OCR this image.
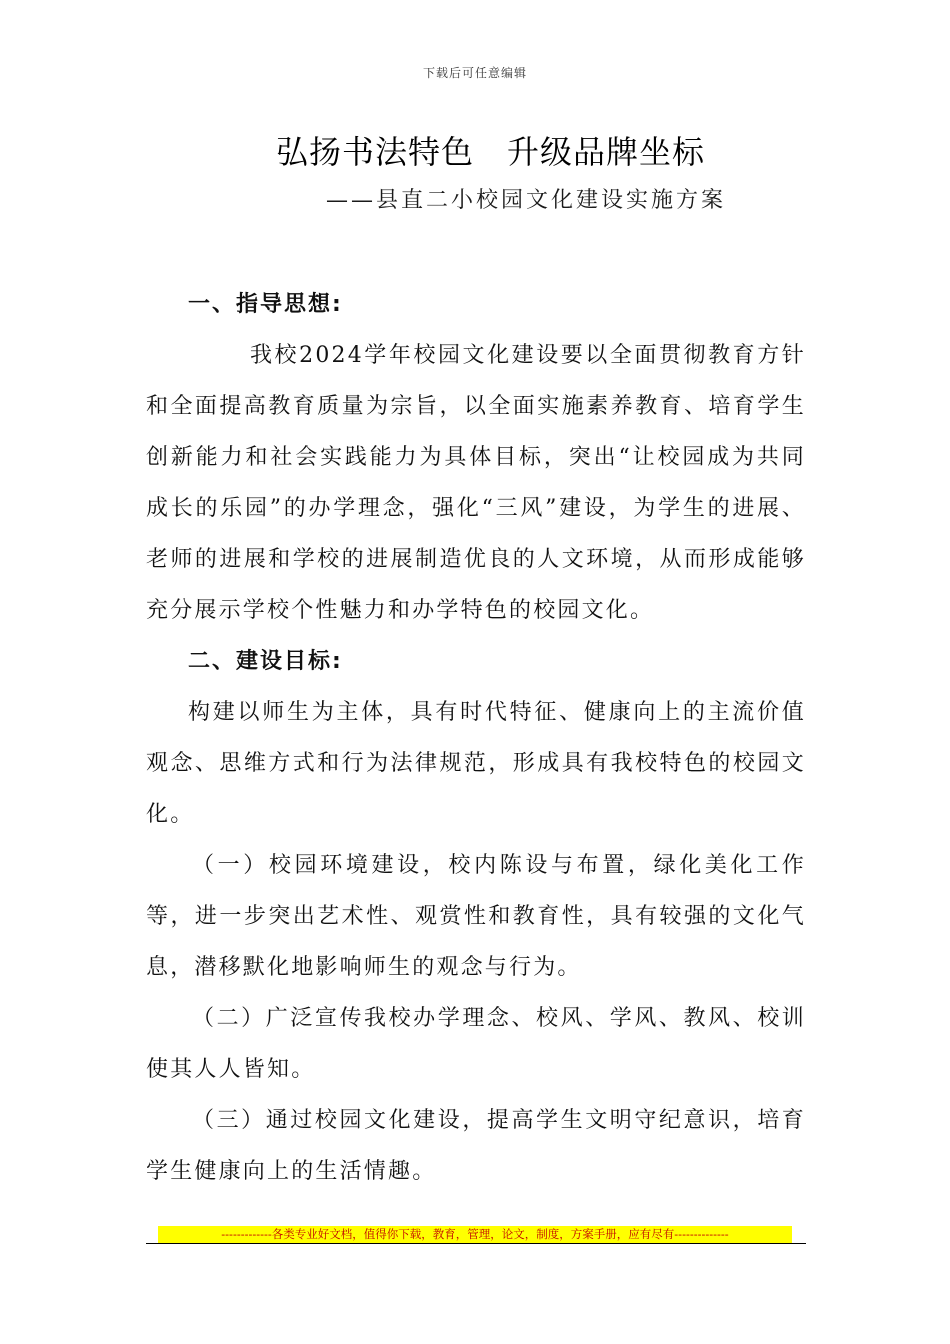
下载后可任意编辑
弘扬书法特色　升级品牌坐标
——县直二小校园文化建设实施方案

一、指导思想:

我校2024学年校园文化建设要以全面贯彻教育方针和全面提高教育质量为宗旨，以全面实施素养教育、培育学生创新能力和社会实践能力为具体目标，突出“让校园成为共同成长的乐园”的办学理念，强化“三风”建设，为学生的进展、老师的进展和学校的进展制造优良的人文环境，从而形成能够充分展示学校个性魅力和办学特色的校园文化。

二、建设目标:

构建以师生为主体，具有时代特征、健康向上的主流价值观念、思维方式和行为法律规范，形成具有我校特色的校园文化。

（一）校园环境建设，校内陈设与布置，绿化美化工作等，进一步突出艺术性、观赏性和教育性，具有较强的文化气息，潜移默化地影响师生的观念与行为。

（二）广泛宣传我校办学理念、校风、学风、教风、校训使其人人皆知。

（三）通过校园文化建设，提高学生文明守纪意识，培育学生健康向上的生活情趣。

-------------各类专业好文档，值得你下载，教育，管理，论文，制度，方案手册，应有尽有--------------
